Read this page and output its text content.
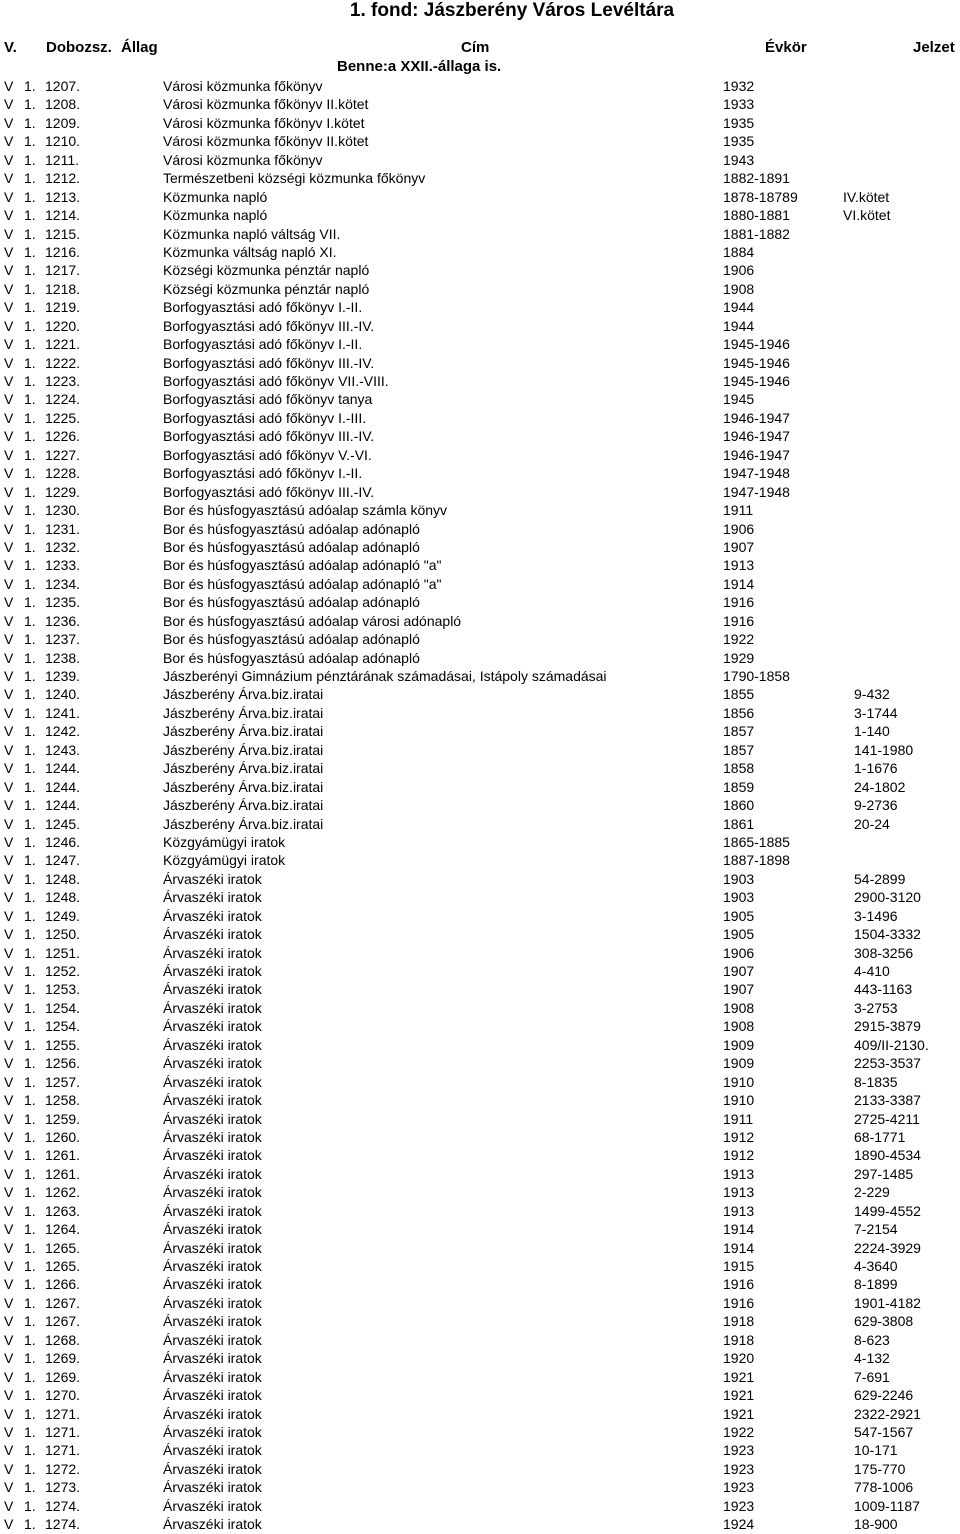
1. fond: Jászberény Város Levéltára
V. Dobozsz. Állag	Cím	Évkör	Jelzet
Benne:a XXII.-állaga is.
V 1. 1207.	Városi közmunka főkönyv	1932
V 1. 1208.	Városi közmunka főkönyv II.kötet	1933
V 1. 1209.	Városi közmunka főkönyv I.kötet	1935
V 1. 1210.	Városi közmunka főkönyv II.kötet	1935
V 1. 1211.	Városi közmunka főkönyv	1943
V 1. 1212.	Természetbeni községi közmunka főkönyv	1882-1891
V 1. 1213.	Közmunka napló	1878-18789	IV.kötet
V 1. 1214.	Közmunka napló	1880-1881	VI.kötet
V 1. 1215.	Közmunka napló váltság VII.	1881-1882
V 1. 1216.	Közmunka váltság napló XI.	1884
V 1. 1217.	Községi közmunka pénztár napló	1906
V 1. 1218.	Községi közmunka pénztár napló	1908
V 1. 1219.	Borfogyasztási adó főkönyv I.-II.	1944
V 1. 1220.	Borfogyasztási adó főkönyv III.-IV.	1944
V 1. 1221.	Borfogyasztási adó főkönyv I.-II.	1945-1946
V 1. 1222.	Borfogyasztási adó főkönyv III.-IV.	1945-1946
V 1. 1223.	Borfogyasztási adó főkönyv VII.-VIII.	1945-1946
V 1. 1224.	Borfogyasztási adó főkönyv tanya	1945
V 1. 1225.	Borfogyasztási adó főkönyv I.-III.	1946-1947
V 1. 1226.	Borfogyasztási adó főkönyv III.-IV.	1946-1947
V 1. 1227.	Borfogyasztási adó főkönyv V.-VI.	1946-1947
V 1. 1228.	Borfogyasztási adó főkönyv I.-II.	1947-1948
V 1. 1229.	Borfogyasztási adó főkönyv III.-IV.	1947-1948
V 1. 1230.	Bor és húsfogyasztású adóalap számla könyv	1911
V 1. 1231.	Bor és húsfogyasztású adóalap adónapló	1906
V 1. 1232.	Bor és húsfogyasztású adóalap adónapló	1907
V 1. 1233.	Bor és húsfogyasztású adóalap adónapló "a"	1913
V 1. 1234.	Bor és húsfogyasztású adóalap adónapló "a"	1914
V 1. 1235.	Bor és húsfogyasztású adóalap adónapló	1916
V 1. 1236.	Bor és húsfogyasztású adóalap városi adónapló	1916
V 1. 1237.	Bor és húsfogyasztású adóalap adónapló	1922
V 1. 1238.	Bor és húsfogyasztású adóalap adónapló	1929
V 1. 1239.	Jászberényi Gimnázium pénztárának számadásai, Istápoly számadásai	1790-1858
V 1. 1240.	Jászberény Árva.biz.iratai	1855	9-432
V 1. 1241.	Jászberény Árva.biz.iratai	1856	3-1744
V 1. 1242.	Jászberény Árva.biz.iratai	1857	1-140
V 1. 1243.	Jászberény Árva.biz.iratai	1857	141-1980
V 1. 1244.	Jászberény Árva.biz.iratai	1858	1-1676
V 1. 1244.	Jászberény Árva.biz.iratai	1859	24-1802
V 1. 1244.	Jászberény Árva.biz.iratai	1860	9-2736
V 1. 1245.	Jászberény Árva.biz.iratai	1861	20-24
V 1. 1246.	Közgyámügyi iratok	1865-1885
V 1. 1247.	Közgyámügyi iratok	1887-1898
V 1. 1248.	Árvaszéki iratok	1903	54-2899
V 1. 1248.	Árvaszéki iratok	1903	2900-3120
V 1. 1249.	Árvaszéki iratok	1905	3-1496
V 1. 1250.	Árvaszéki iratok	1905	1504-3332
V 1. 1251.	Árvaszéki iratok	1906	308-3256
V 1. 1252.	Árvaszéki iratok	1907	4-410
V 1. 1253.	Árvaszéki iratok	1907	443-1163
V 1. 1254.	Árvaszéki iratok	1908	3-2753
V 1. 1254.	Árvaszéki iratok	1908	2915-3879
V 1. 1255.	Árvaszéki iratok	1909	409/II-2130.
V 1. 1256.	Árvaszéki iratok	1909	2253-3537
V 1. 1257.	Árvaszéki iratok	1910	8-1835
V 1. 1258.	Árvaszéki iratok	1910	2133-3387
V 1. 1259.	Árvaszéki iratok	1911	2725-4211
V 1. 1260.	Árvaszéki iratok	1912	68-1771
V 1. 1261.	Árvaszéki iratok	1912	1890-4534
V 1. 1261.	Árvaszéki iratok	1913	297-1485
V 1. 1262.	Árvaszéki iratok	1913	2-229
V 1. 1263.	Árvaszéki iratok	1913	1499-4552
V 1. 1264.	Árvaszéki iratok	1914	7-2154
V 1. 1265.	Árvaszéki iratok	1914	2224-3929
V 1. 1265.	Árvaszéki iratok	1915	4-3640
V 1. 1266.	Árvaszéki iratok	1916	8-1899
V 1. 1267.	Árvaszéki iratok	1916	1901-4182
V 1. 1267.	Árvaszéki iratok	1918	629-3808
V 1. 1268.	Árvaszéki iratok	1918	8-623
V 1. 1269.	Árvaszéki iratok	1920	4-132
V 1. 1269.	Árvaszéki iratok	1921	7-691
V 1. 1270.	Árvaszéki iratok	1921	629-2246
V 1. 1271.	Árvaszéki iratok	1921	2322-2921
V 1. 1271.	Árvaszéki iratok	1922	547-1567
V 1. 1271.	Árvaszéki iratok	1923	10-171
V 1. 1272.	Árvaszéki iratok	1923	175-770
V 1. 1273.	Árvaszéki iratok	1923	778-1006
V 1. 1274.	Árvaszéki iratok	1923	1009-1187
V 1. 1274.	Árvaszéki iratok	1924	18-900
